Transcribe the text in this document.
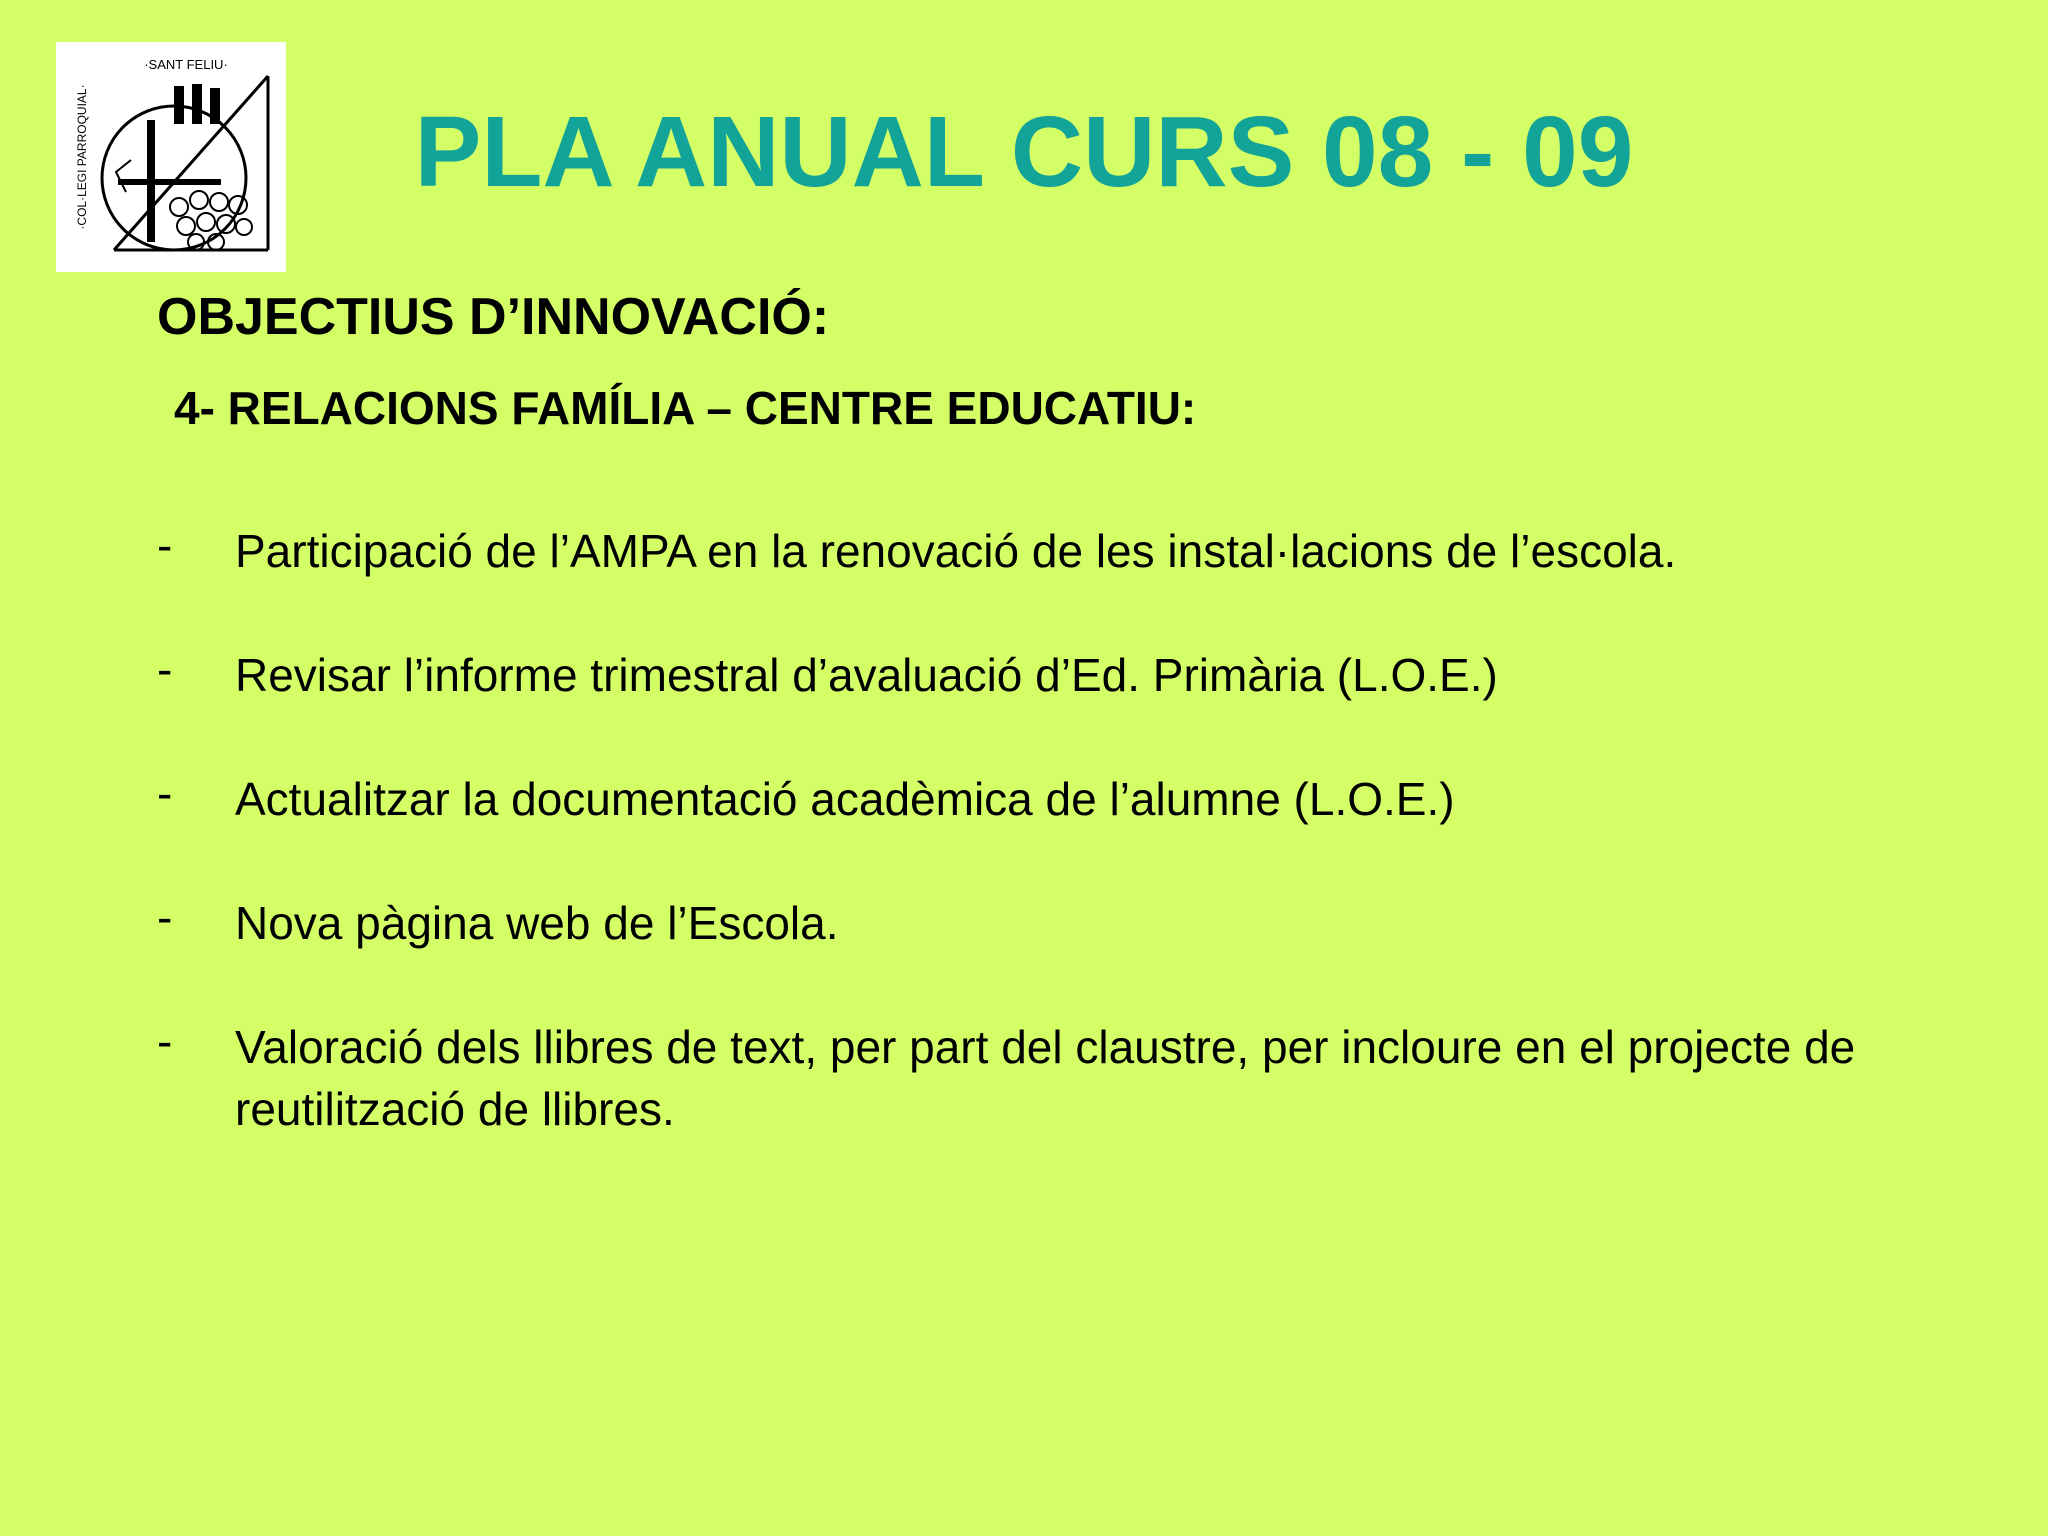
·SANT FELIU·
·COL·LEGI PARROQUIAL·	PLA ANUAL CURS 08 - 09
OBJECTIUS D’INNOVACIÓ:
4- RELACIONS FAMÍLIA – CENTRE EDUCATIU:
- Participació de l’AMPA en la renovació de les instal·lacions de l’escola.
- Revisar l’informe trimestral d’avaluació d’Ed. Primària (L.O.E.)
- Actualitzar la documentació acadèmica de l’alumne (L.O.E.)
- Nova pàgina web de l’Escola.
- Valoració dels llibres de text, per part del claustre, per incloure en el projecte de reutilització de llibres.
